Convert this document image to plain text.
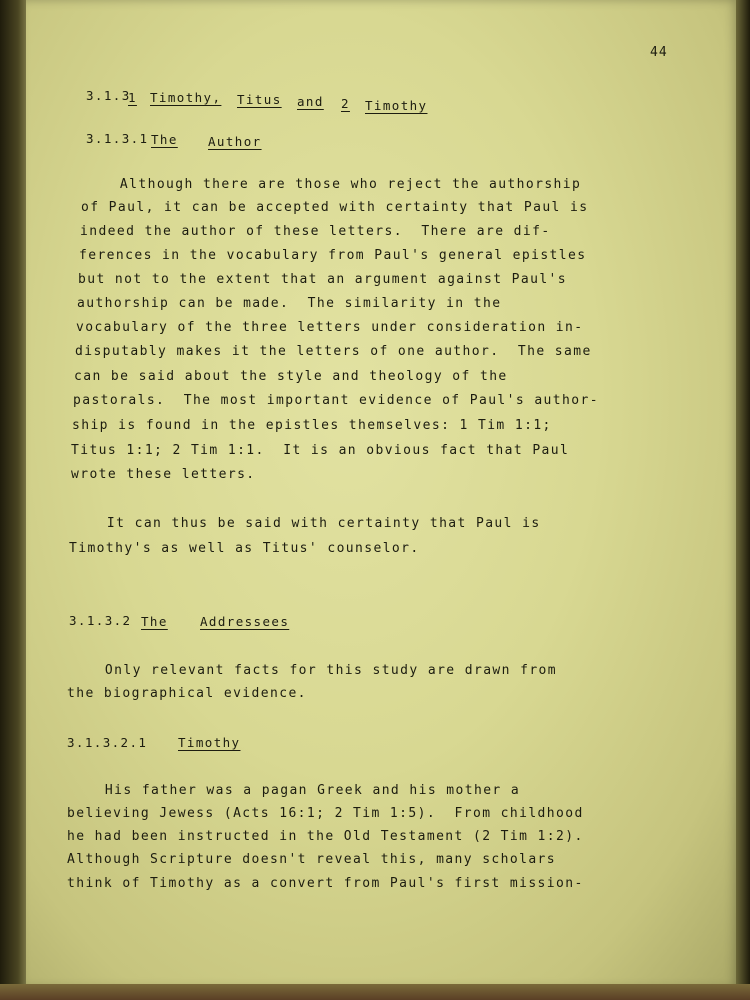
44
3.1.3
1 Timothy, Titus and 2 Timothy
3.1.3.1 The Author
Although there are those who reject the authorship
of Paul, it can be accepted with certainty that Paul is
indeed the author of these letters.  There are dif-
ferences in the vocabulary from Paul's general epistles
but not to the extent that an argument against Paul's
authorship can be made.  The similarity in the
vocabulary of the three letters under consideration in-
disputably makes it the letters of one author.  The same
can be said about the style and theology of the
pastorals.  The most important evidence of Paul's author-
ship is found in the epistles themselves: 1 Tim 1:1;
Titus 1:1; 2 Tim 1:1.  It is an obvious fact that Paul
wrote these letters.
It can thus be said with certainty that Paul is
Timothy's as well as Titus' counselor.
3.1.3.2 The	Addressees
Only relevant facts for this study are drawn from
the biographical evidence.
3.1.3.2.1 Timothy
His father was a pagan Greek and his mother a
believing Jewess (Acts 16:1; 2 Tim 1:5).  From childhood
he had been instructed in the Old Testament (2 Tim 1:2).
Although Scripture doesn't reveal this, many scholars
think of Timothy as a convert from Paul's first mission-
